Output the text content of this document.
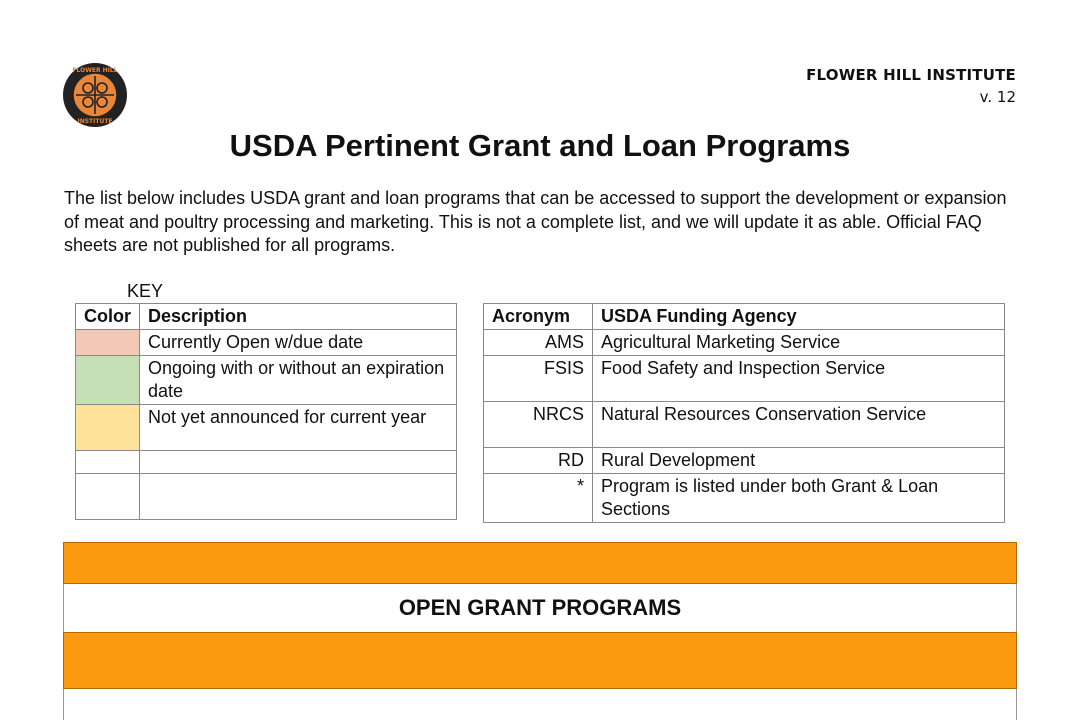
FLOWER HILL
INSTITUTE
FLOWER HILL INSTITUTE
v. 12
USDA Pertinent Grant and Loan Programs
The list below includes USDA grant and loan programs that can be accessed to support the development or expansion of meat and poultry processing and marketing. This is not a complete list, and we will update it as able. Official FAQ sheets are not published for all programs.
KEY
Color	Description
	Currently Open w/due date
	Ongoing with or without an expiration date
	Not yet announced for current year

Acronym	USDA Funding Agency
AMS	Agricultural Marketing Service
FSIS	Food Safety and Inspection Service
NRCS	Natural Resources Conservation Service
RD	Rural Development
*	Program is listed under both Grant & Loan Sections
OPEN GRANT PROGRAMS
